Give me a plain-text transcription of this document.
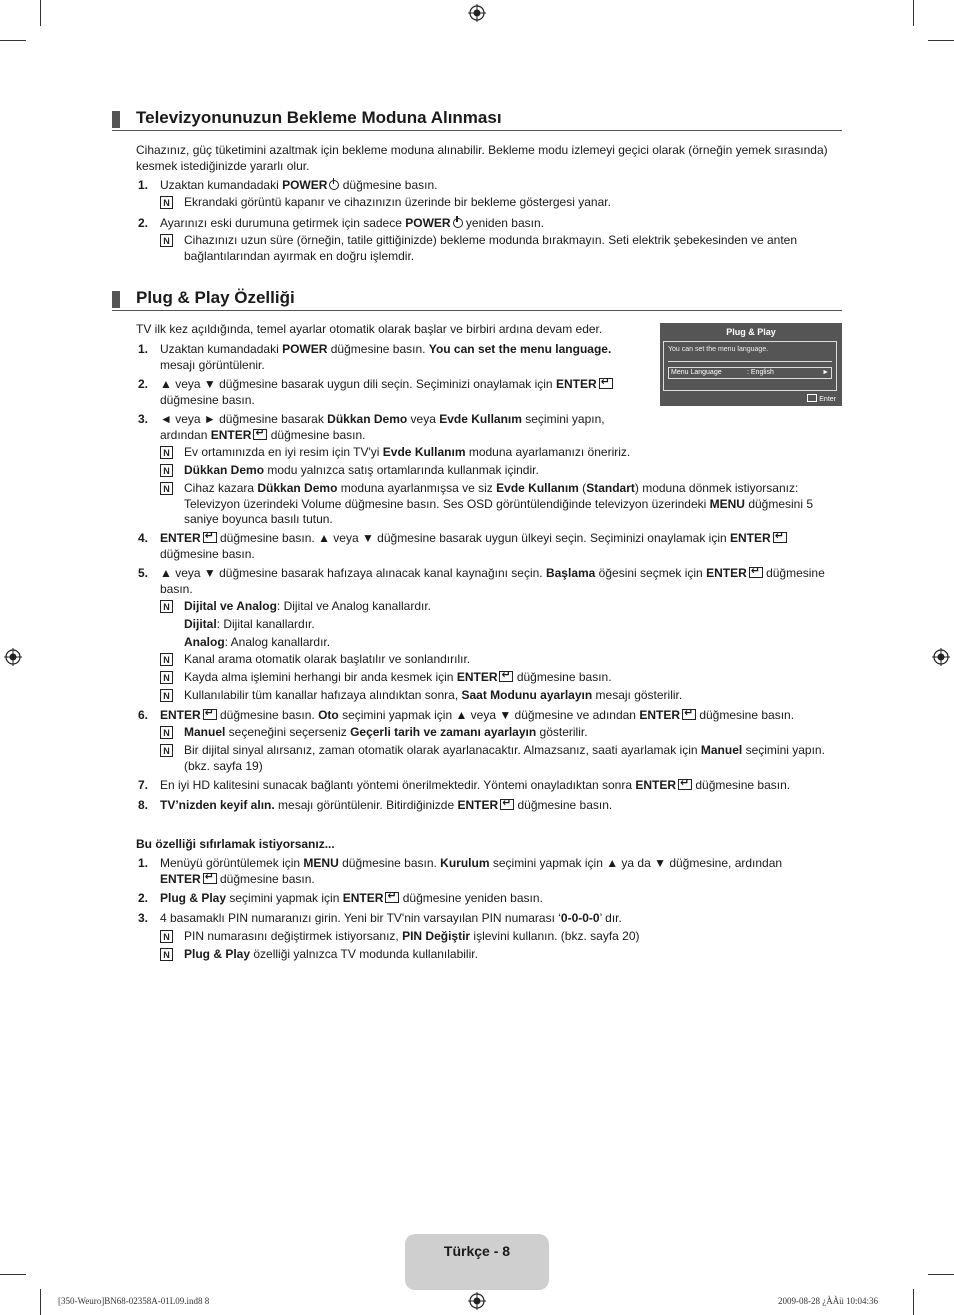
Televizyonunuzun Bekleme Moduna Alınması
Cihazınız, güç tüketimini azaltmak için bekleme moduna alınabilir. Bekleme modu izlemeyi geçici olarak (örneğin yemek sırasında) kesmek istediğinizde yararlı olur.
1. Uzaktan kumandadaki POWER düğmesine basın.
N Ekrandaki görüntü kapanır ve cihazınızın üzerinde bir bekleme göstergesi yanar.
2. Ayarınızı eski durumuna getirmek için sadece POWER yeniden basın.
N Cihazınızı uzun süre (örneğin, tatile gittiğinizde) bekleme modunda bırakmayın. Seti elektrik şebekesinden ve anten bağlantılarından ayırmak en doğru işlemdir.
Plug & Play Özelliği
TV ilk kez açıldığında, temel ayarlar otomatik olarak başlar ve birbiri ardına devam eder.	Plug & Play
You can set the menu language.
Menu Language	: English	►
Enter
1. Uzaktan kumandadaki POWER düğmesine basın. You can set the menu language.
mesajı görüntülenir.
2. ▲ veya ▼ düğmesine basarak uygun dili seçin. Seçiminizi onaylamak için ENTER↵
düğmesine basın.
3. ◄ veya ► düğmesine basarak Dükkan Demo veya Evde Kullanım seçimini yapın,
ardından ENTER↵ düğmesine basın.
N Ev ortamınızda en iyi resim için TV'yi Evde Kullanım moduna ayarlamanızı öneririz.
N Dükkan Demo modu yalnızca satış ortamlarında kullanmak içindir.
N Cihaz kazara Dükkan Demo moduna ayarlanmışsa ve siz Evde Kullanım (Standart) moduna dönmek istiyorsanız:
Televizyon üzerindeki Volume düğmesine basın. Ses OSD görüntülendiğinde televizyon üzerindeki MENU düğmesini 5
saniye boyunca basılı tutun.
4. ENTER↵ düğmesine basın. ▲ veya ▼ düğmesine basarak uygun ülkeyi seçin. Seçiminizi onaylamak için ENTER↵
düğmesine basın.
5. ▲ veya ▼ düğmesine basarak hafızaya alınacak kanal kaynağını seçin. Başlama öğesini seçmek için ENTER↵ düğmesine
basın.
N Dijital ve Analog: Dijital ve Analog kanallardır.
Dijital: Dijital kanallardır.
Analog: Analog kanallardır.
N Kanal arama otomatik olarak başlatılır ve sonlandırılır.
N Kayda alma işlemini herhangi bir anda kesmek için ENTER↵ düğmesine basın.
N Kullanılabilir tüm kanallar hafızaya alındıktan sonra, Saat Modunu ayarlayın mesajı gösterilir.
6. ENTER↵ düğmesine basın. Oto seçimini yapmak için ▲ veya ▼ düğmesine ve adından ENTER↵ düğmesine basın.
N Manuel seçeneğini seçerseniz Geçerli tarih ve zamanı ayarlayın gösterilir.
N Bir dijital sinyal alırsanız, zaman otomatik olarak ayarlanacaktır. Almazsanız, saati ayarlamak için Manuel seçimini yapın.
(bkz. sayfa 19)
7. En iyi HD kalitesini sunacak bağlantı yöntemi önerilmektedir. Yöntemi onayladıktan sonra ENTER↵ düğmesine basın.
8. TV’nizden keyif alın. mesajı görüntülenir. Bitirdiğinizde ENTER↵ düğmesine basın.
Bu özelliği sıfırlamak istiyorsanız...
1. Menüyü görüntülemek için MENU düğmesine basın. Kurulum seçimini yapmak için ▲ ya da ▼ düğmesine, ardından
ENTER↵ düğmesine basın.
2. Plug & Play seçimini yapmak için ENTER↵ düğmesine yeniden basın.
3. 4 basamaklı PIN numaranızı girin. Yeni bir TV'nin varsayılan PIN numarası ‘0-0-0-0’ dır.
N PIN numarasını değiştirmek istiyorsanız, PIN Değiştir işlevini kullanın. (bkz. sayfa 20)
N Plug & Play özelliği yalnızca TV modunda kullanılabilir.
Türkçe - 8
[350-Weuro]BN68-02358A-01L09.ind8 8	2009-08-28 ¿ÀÀü 10:04:36
